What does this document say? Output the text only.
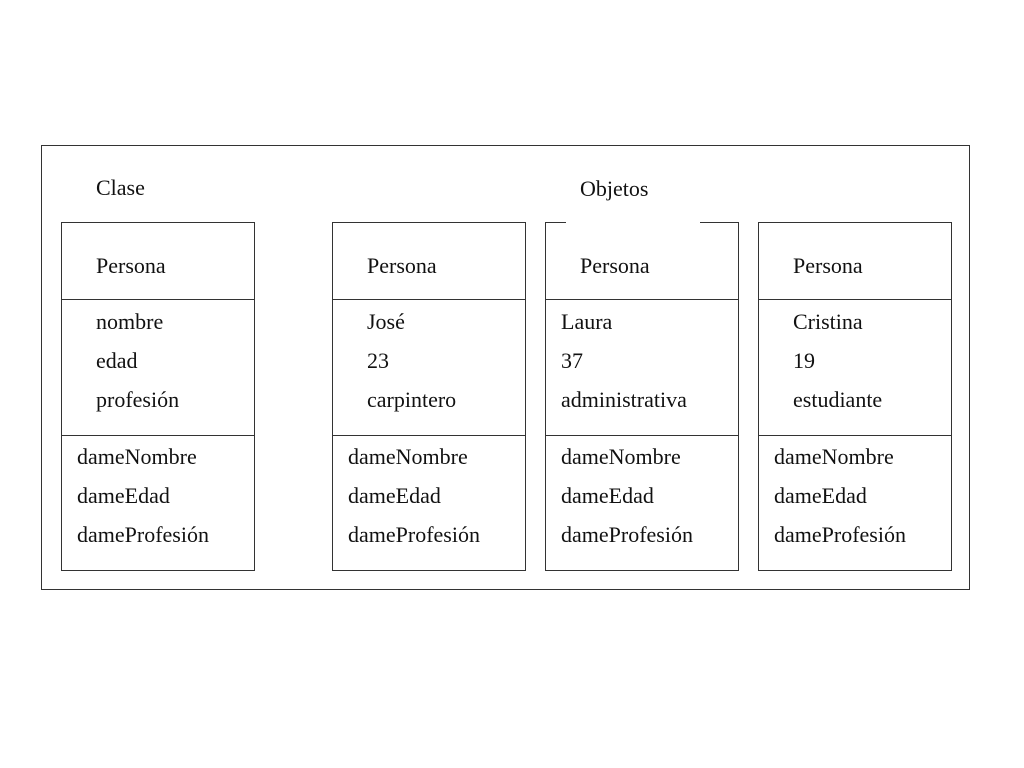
Clase	Objetos
Persona
nombre
edad
profesión
dameNombre
dameEdad
dameProfesión
Persona
José
23
carpintero
dameNombre
dameEdad
dameProfesión
Persona
Laura
37
administrativa
dameNombre
dameEdad
dameProfesión
Persona
Cristina
19
estudiante
dameNombre
dameEdad
dameProfesión
